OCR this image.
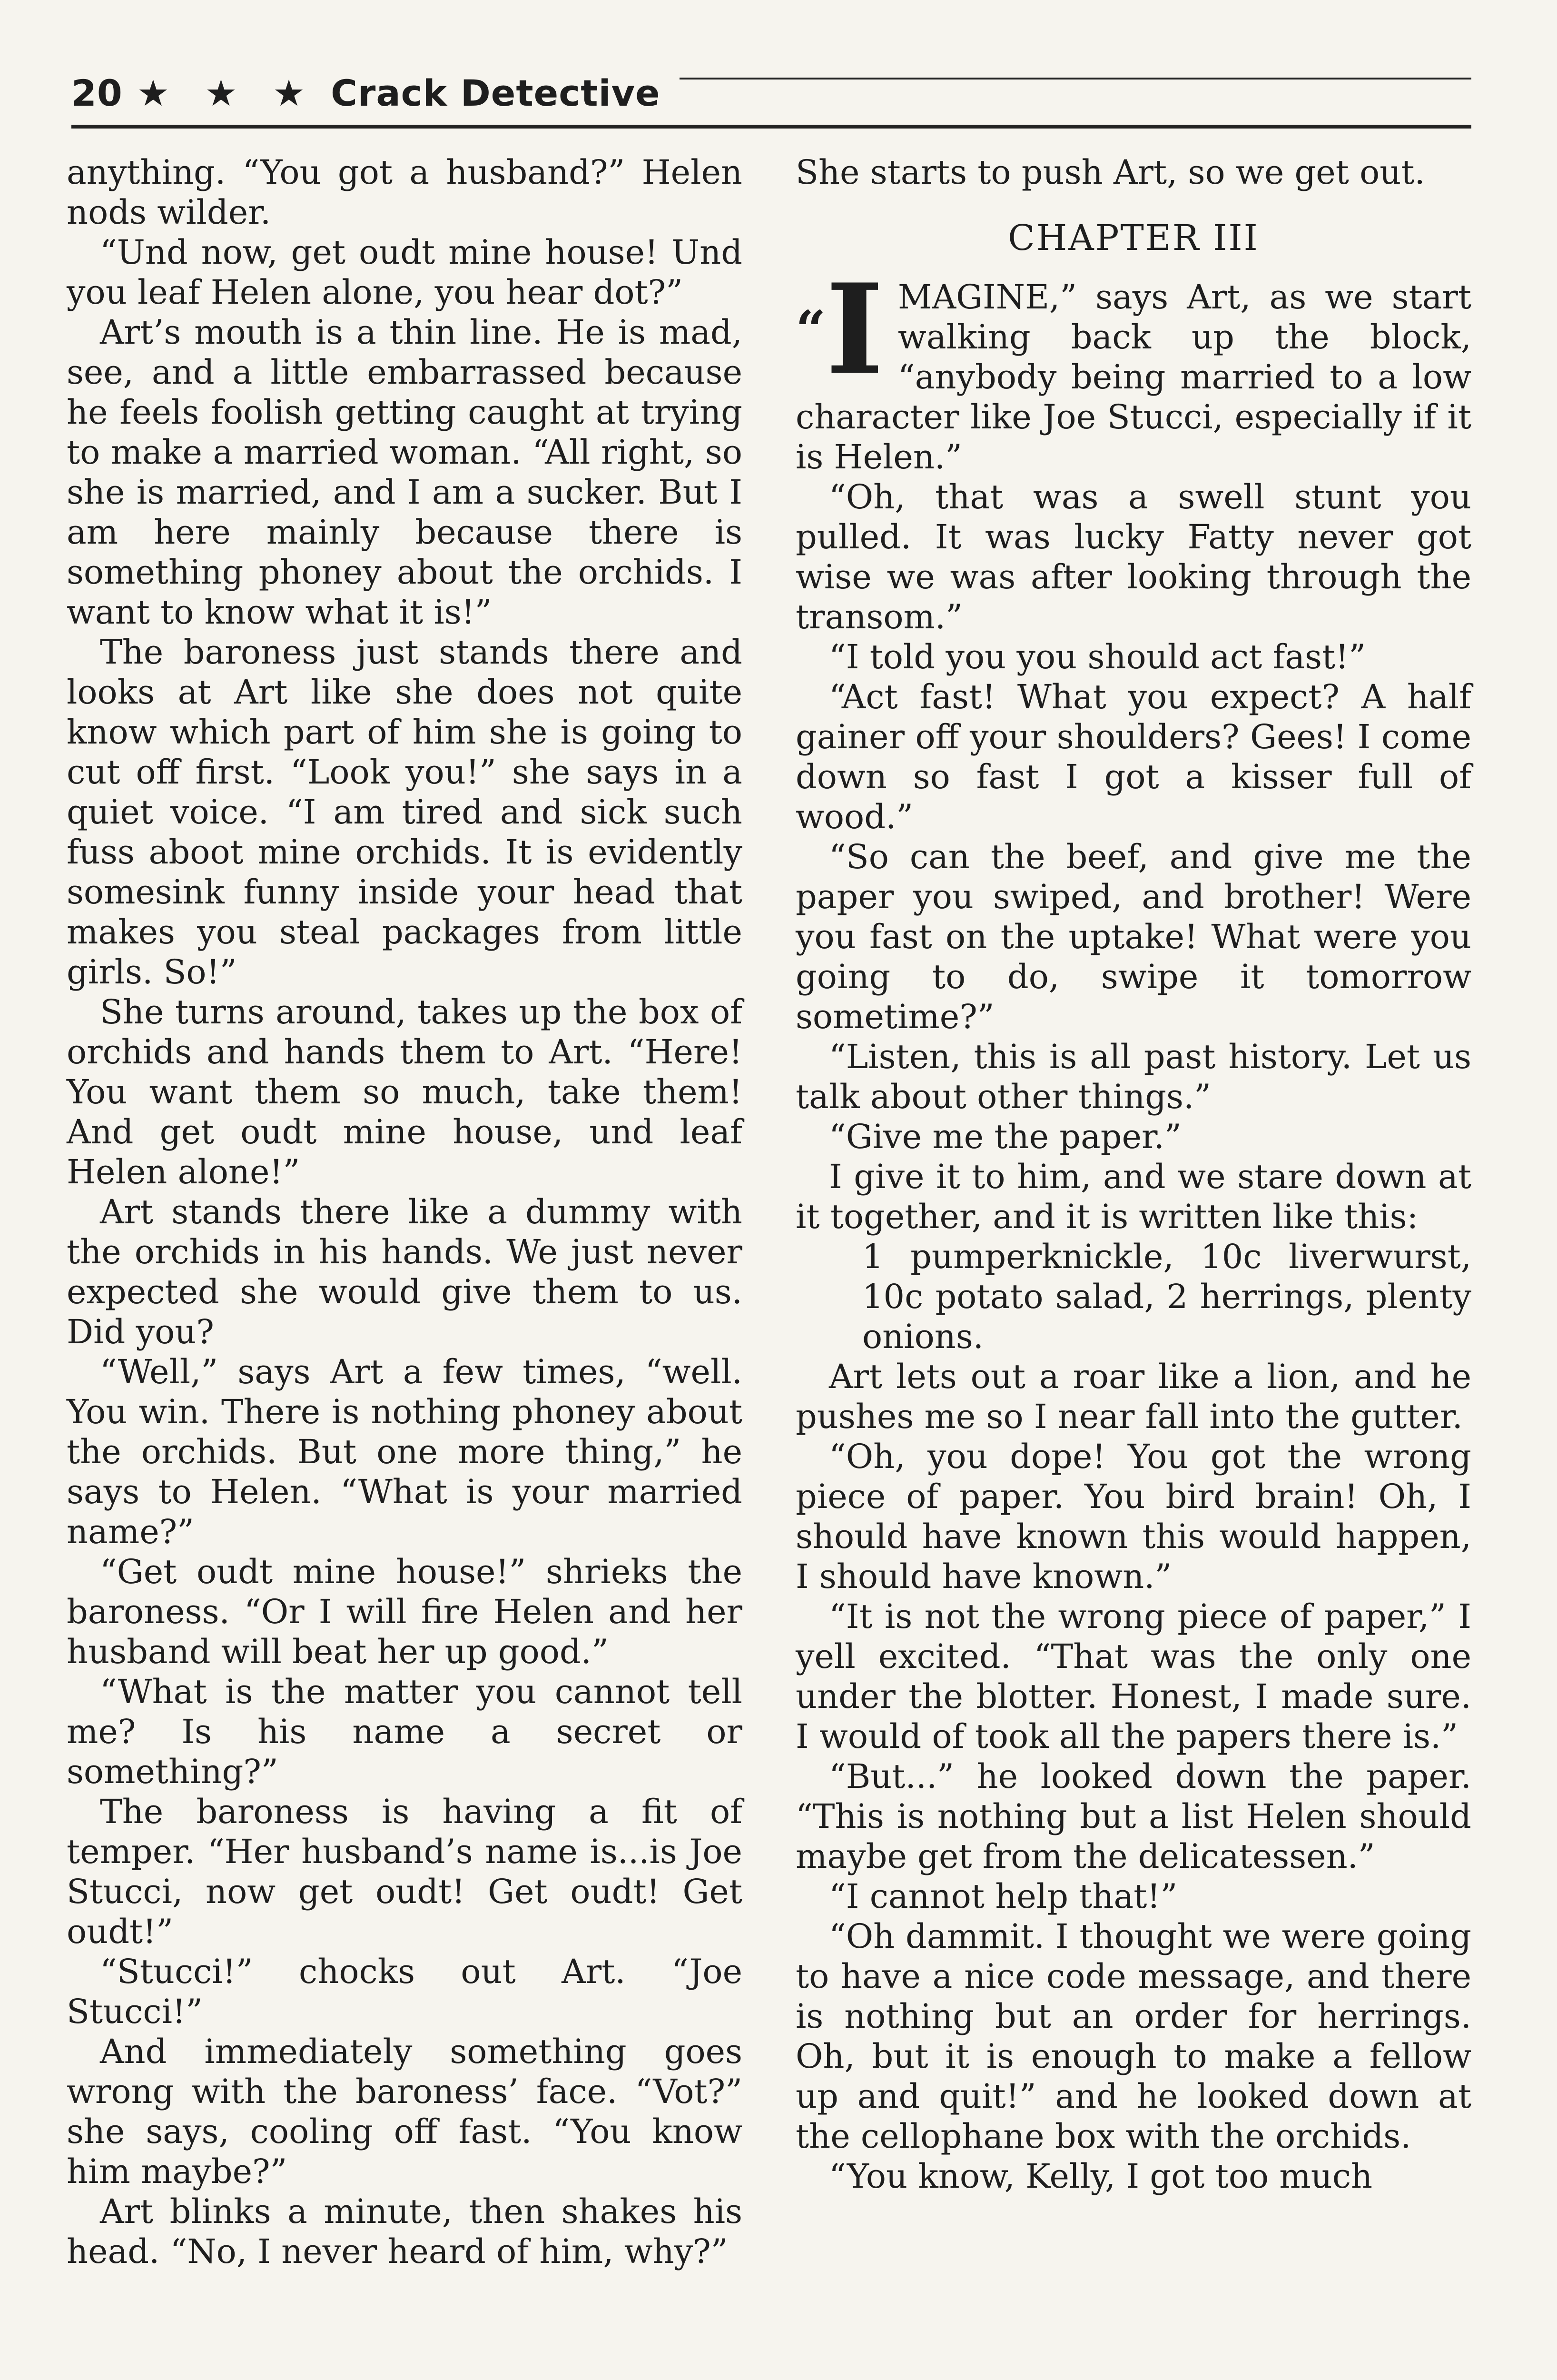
20 ★ ★ ★ Crack Detective

anything. “You got a husband?” Helen nods wilder.

“Und now, get oudt mine house! Und you leaf Helen alone, you hear dot?”

Art’s mouth is a thin line. He is mad, see, and a little embarrassed because he feels foolish getting caught at trying to make a married woman. “All right, so she is married, and I am a sucker. But I am here mainly because there is something phoney about the orchids. I want to know what it is!”

The baroness just stands there and looks at Art like she does not quite know which part of him she is going to cut off first. “Look you!” she says in a quiet voice. “I am tired and sick such fuss aboot mine orchids. It is evidently somesink funny inside your head that makes you steal packages from little girls. So!”

She turns around, takes up the box of orchids and hands them to Art. “Here! You want them so much, take them! And get oudt mine house, und leaf Helen alone!”

Art stands there like a dummy with the orchids in his hands. We just never expected she would give them to us. Did you?

“Well,” says Art a few times, “well. You win. There is nothing phoney about the orchids. But one more thing,” he says to Helen. “What is your married name?”

“Get oudt mine house!” shrieks the baroness. “Or I will fire Helen and her husband will beat her up good.”

“What is the matter you cannot tell me? Is his name a secret or something?”

The baroness is having a fit of temper. “Her husband’s name is...is Joe Stucci, now get oudt! Get oudt! Get oudt!”

“Stucci!” chocks out Art. “Joe Stucci!”

And immediately something goes wrong with the baroness’ face. “Vot?” she says, cooling off fast. “You know him maybe?”

Art blinks a minute, then shakes his head. “No, I never heard of him, why?”

She starts to push Art, so we get out.

CHAPTER III

“I MAGINE,” says Art, as we start walking back up the block, “anybody being married to a low character like Joe Stucci, especially if it is Helen.”

“Oh, that was a swell stunt you pulled. It was lucky Fatty never got wise we was after looking through the transom.”

“I told you you should act fast!”

“Act fast! What you expect? A half gainer off your shoulders? Gees! I come down so fast I got a kisser full of wood.”

“So can the beef, and give me the paper you swiped, and brother! Were you fast on the uptake! What were you going to do, swipe it tomorrow sometime?”

“Listen, this is all past history. Let us talk about other things.”

“Give me the paper.”

I give it to him, and we stare down at it together, and it is written like this:

1 pumperknickle, 10c liverwurst, 10c potato salad, 2 herrings, plenty onions.

Art lets out a roar like a lion, and he pushes me so I near fall into the gutter.

“Oh, you dope! You got the wrong piece of paper. You bird brain! Oh, I should have known this would happen, I should have known.”

“It is not the wrong piece of paper,” I yell excited. “That was the only one under the blotter. Honest, I made sure. I would of took all the papers there is.”

“But...” he looked down the paper. “This is nothing but a list Helen should maybe get from the delicatessen.”

“I cannot help that!”

“Oh dammit. I thought we were going to have a nice code message, and there is nothing but an order for herrings. Oh, but it is enough to make a fellow up and quit!” and he looked down at the cellophane box with the orchids.

“You know, Kelly, I got too much
